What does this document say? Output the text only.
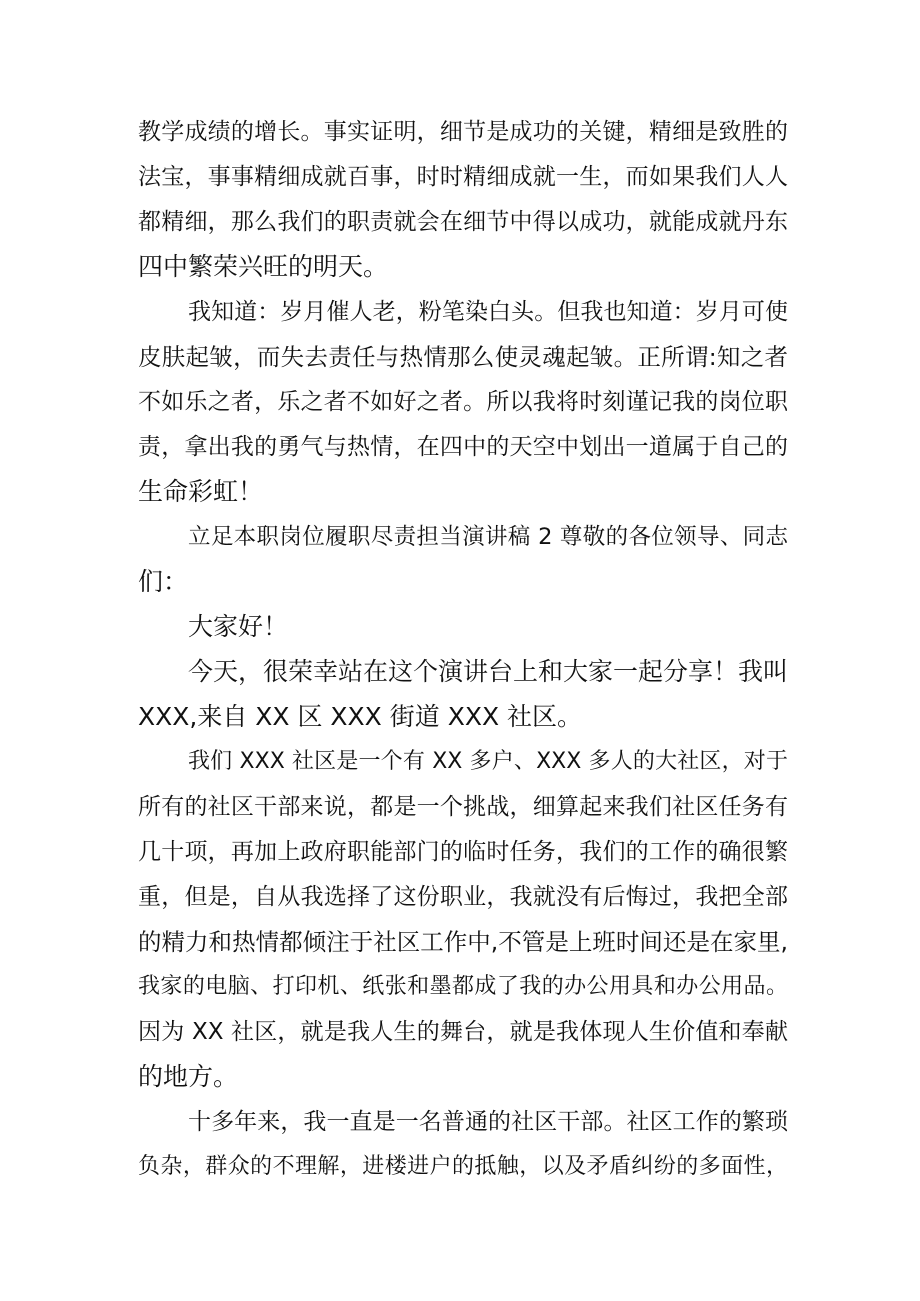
教学成绩的增长。事实证明，细节是成功的关键，精细是致胜的
法宝，事事精细成就百事，时时精细成就一生，而如果我们人人
都精细，那么我们的职责就会在细节中得以成功，就能成就丹东
四中繁荣兴旺的明天。
我知道：岁月催人老，粉笔染白头。但我也知道：岁月可使
皮肤起皱，而失去责任与热情那么使灵魂起皱。正所谓:知之者
不如乐之者，乐之者不如好之者。所以我将时刻谨记我的岗位职
责，拿出我的勇气与热情，在四中的天空中划出一道属于自己的
生命彩虹！
立足本职岗位履职尽责担当演讲稿 2 尊敬的各位领导、同志
们：
大家好！
今天，很荣幸站在这个演讲台上和大家一起分享！我叫
XXX,来自 XX 区 XXX 街道 XXX 社区。
我们 XXX 社区是一个有 XX 多户、XXX 多人的大社区，对于
所有的社区干部来说，都是一个挑战，细算起来我们社区任务有
几十项，再加上政府职能部门的临时任务，我们的工作的确很繁
重，但是，自从我选择了这份职业，我就没有后悔过，我把全部
的精力和热情都倾注于社区工作中,不管是上班时间还是在家里,
我家的电脑、打印机、纸张和墨都成了我的办公用具和办公用品。
因为 XX 社区，就是我人生的舞台，就是我体现人生价值和奉献
的地方。
十多年来，我一直是一名普通的社区干部。社区工作的繁琐
负杂，群众的不理解，进楼进户的抵触，以及矛盾纠纷的多面性，
